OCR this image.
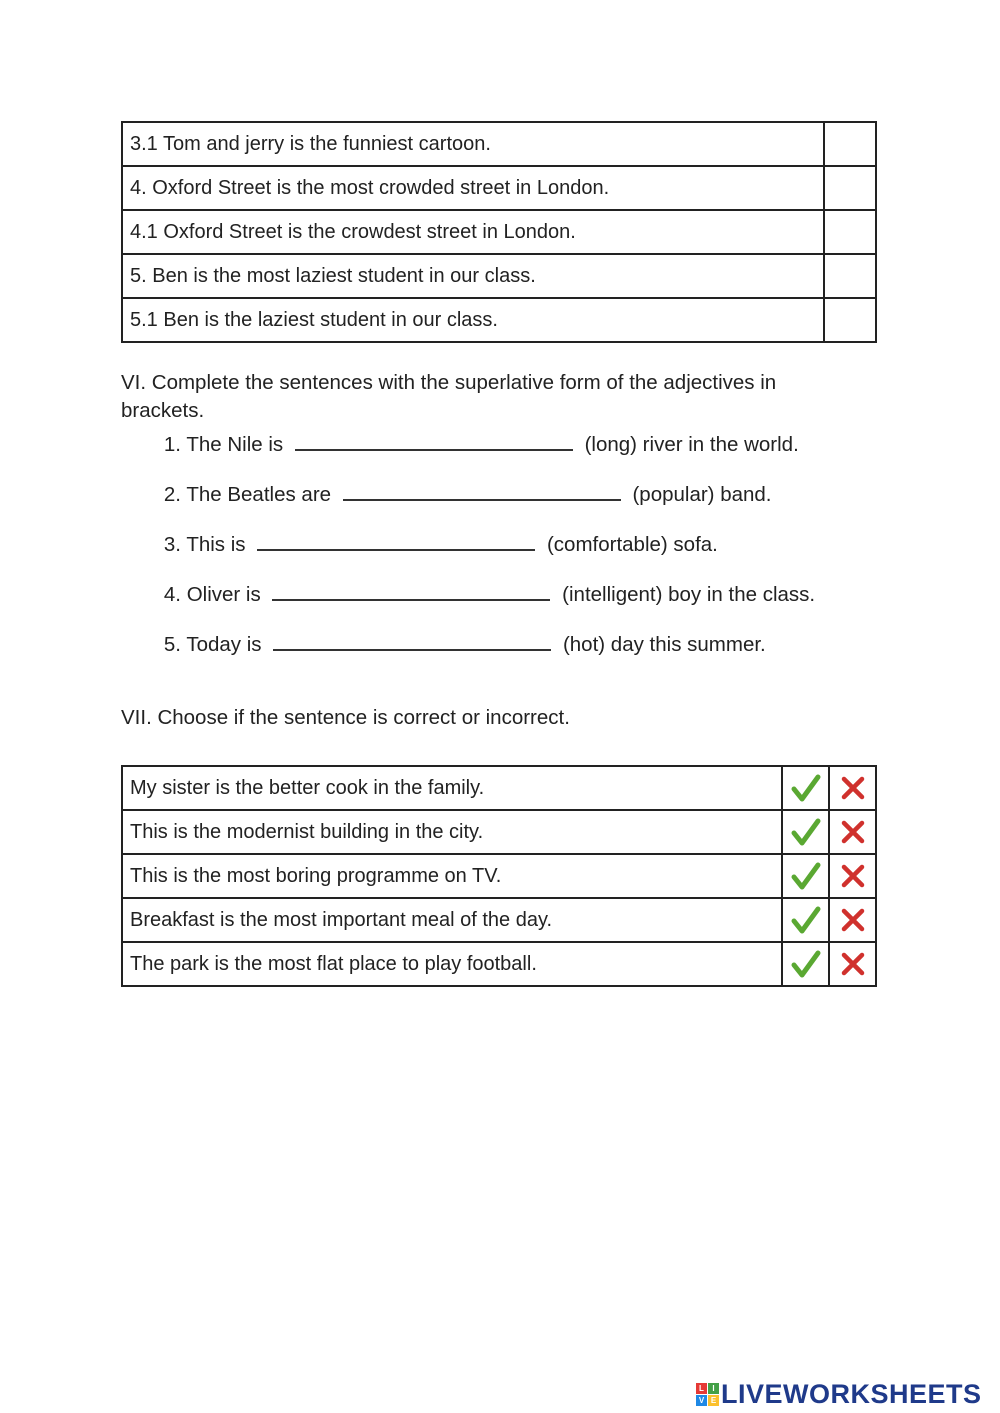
3.1 Tom and jerry is the funniest cartoon.	
4. Oxford Street is the most crowded street in London.	
4.1 Oxford Street is the crowdest street in London.	
5. Ben is the most laziest student in our class.	
5.1 Ben is the laziest student in our class.	

VI. Complete the sentences with the superlative form of the adjectives in brackets.

1. The Nile is	(long) river in the world.
2. The Beatles are	(popular) band.
3. This is	(comfortable) sofa.
4. Oliver is	(intelligent) boy in the class.
5. Today is	(hot) day this summer.
VII. Choose if the sentence is correct or incorrect.
My sister is the better cook in the family.	

This is the modernist building in the city.	

This is the most boring programme on TV.	

Breakfast is the most important meal of the day.	

The park is the most flat place to play football.	

L	I
V E LIVEWORKSHEETS
